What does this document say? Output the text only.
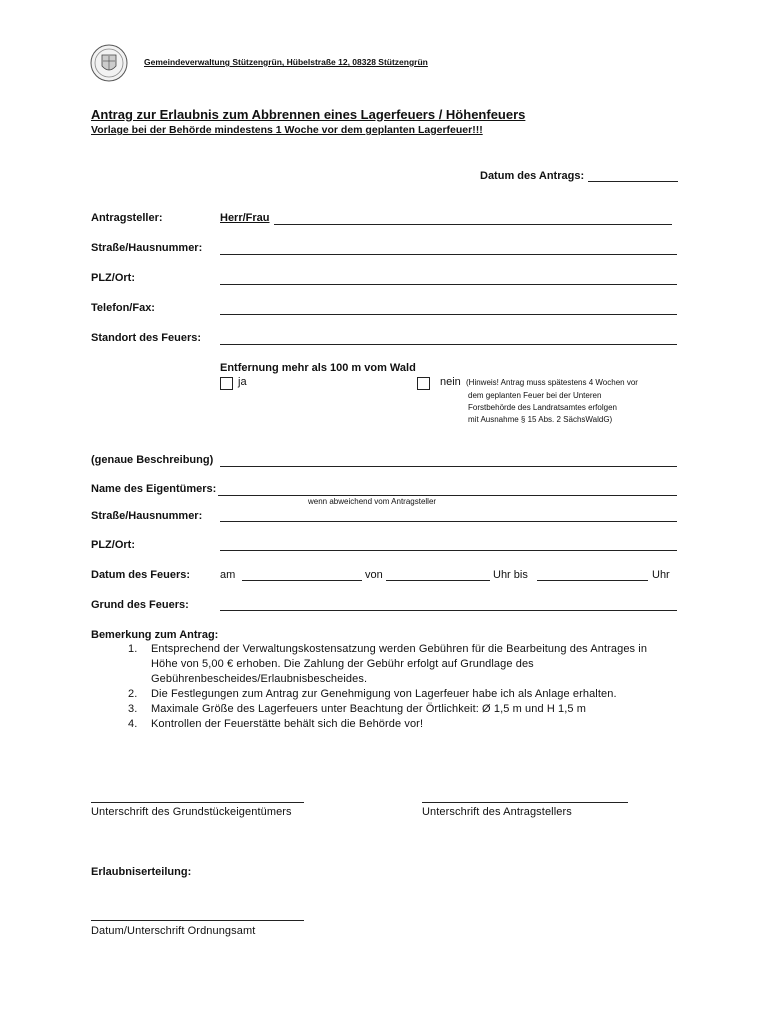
Gemeindeverwaltung Stützengrün, Hübelstraße 12, 08328 Stützengrün
Antrag zur Erlaubnis zum Abbrennen eines Lagerfeuers / Höhenfeuers
Vorlage bei der Behörde mindestens 1 Woche vor dem geplanten Lagerfeuer!!!
Datum des Antrags:
Antragsteller:	Herr/Frau
Straße/Hausnummer:
PLZ/Ort:
Telefon/Fax:
Standort des Feuers:
Entfernung mehr als 100 m vom Wald
ja	nein (Hinweis! Antrag muss spätestens 4 Wochen vor
dem geplanten Feuer bei der Unteren
Forstbehörde des Landratsamtes erfolgen
mit Ausnahme § 15 Abs. 2 SächsWaldG)
(genaue Beschreibung)
Name des Eigentümers:
wenn abweichend vom Antragsteller
Straße/Hausnummer:
PLZ/Ort:
Datum des Feuers:	am	von	Uhr bis	Uhr
Grund des Feuers:
Bemerkung zum Antrag:
1. Entsprechend der Verwaltungskostensatzung werden Gebühren für die Bearbeitung des Antrages in
Höhe von 5,00 € erhoben. Die Zahlung der Gebühr erfolgt auf Grundlage des
Gebührenbescheides/Erlaubnisbescheides.
2. Die Festlegungen zum Antrag zur Genehmigung von Lagerfeuer habe ich als Anlage erhalten.
3. Maximale Größe des Lagerfeuers unter Beachtung der Örtlichkeit: Ø 1,5 m und H 1,5 m
4. Kontrollen der Feuerstätte behält sich die Behörde vor!
Unterschrift des Grundstückeigentümers	Unterschrift des Antragstellers
Erlaubniserteilung:
Datum/Unterschrift Ordnungsamt
